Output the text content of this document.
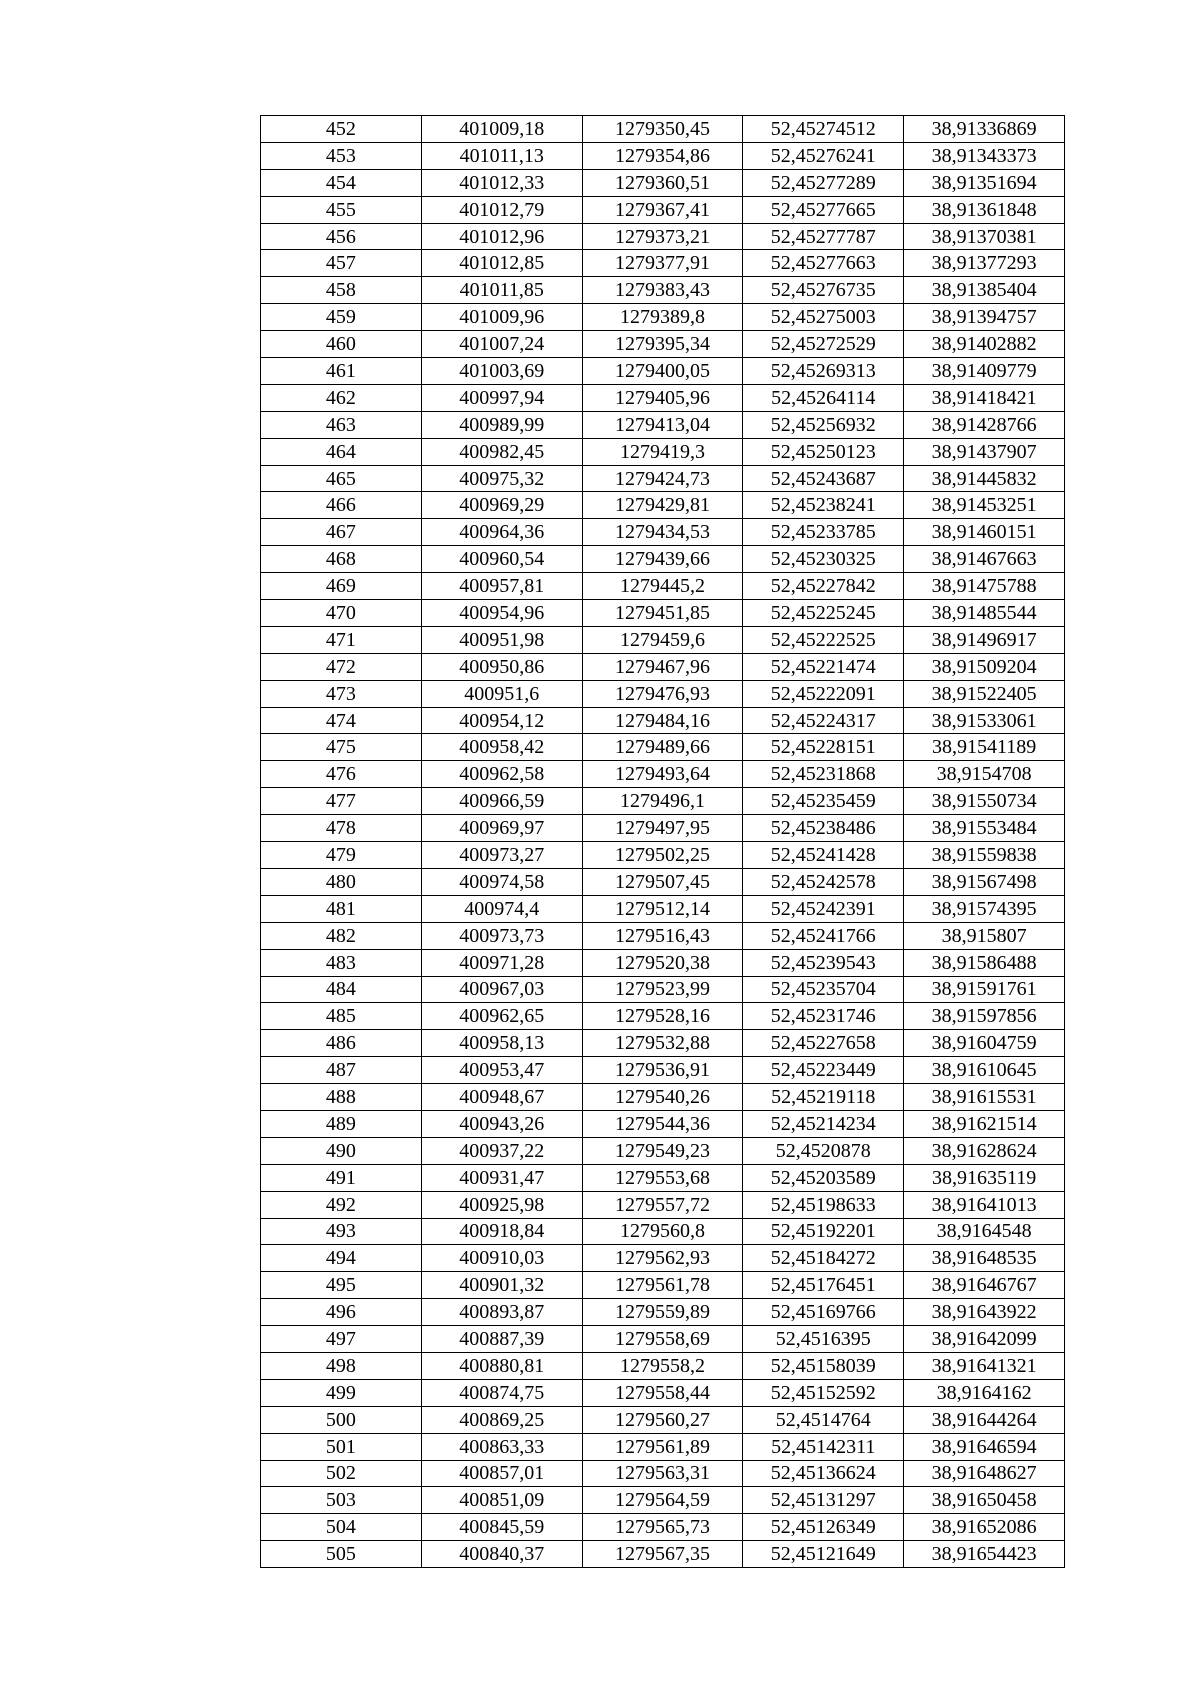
452	401009,18	1279350,45	52,45274512	38,91336869
453	401011,13	1279354,86	52,45276241	38,91343373
454	401012,33	1279360,51	52,45277289	38,91351694
455	401012,79	1279367,41	52,45277665	38,91361848
456	401012,96	1279373,21	52,45277787	38,91370381
457	401012,85	1279377,91	52,45277663	38,91377293
458	401011,85	1279383,43	52,45276735	38,91385404
459	401009,96	1279389,8	52,45275003	38,91394757
460	401007,24	1279395,34	52,45272529	38,91402882
461	401003,69	1279400,05	52,45269313	38,91409779
462	400997,94	1279405,96	52,45264114	38,91418421
463	400989,99	1279413,04	52,45256932	38,91428766
464	400982,45	1279419,3	52,45250123	38,91437907
465	400975,32	1279424,73	52,45243687	38,91445832
466	400969,29	1279429,81	52,45238241	38,91453251
467	400964,36	1279434,53	52,45233785	38,91460151
468	400960,54	1279439,66	52,45230325	38,91467663
469	400957,81	1279445,2	52,45227842	38,91475788
470	400954,96	1279451,85	52,45225245	38,91485544
471	400951,98	1279459,6	52,45222525	38,91496917
472	400950,86	1279467,96	52,45221474	38,91509204
473	400951,6	1279476,93	52,45222091	38,91522405
474	400954,12	1279484,16	52,45224317	38,91533061
475	400958,42	1279489,66	52,45228151	38,91541189
476	400962,58	1279493,64	52,45231868	38,9154708
477	400966,59	1279496,1	52,45235459	38,91550734
478	400969,97	1279497,95	52,45238486	38,91553484
479	400973,27	1279502,25	52,45241428	38,91559838
480	400974,58	1279507,45	52,45242578	38,91567498
481	400974,4	1279512,14	52,45242391	38,91574395
482	400973,73	1279516,43	52,45241766	38,915807
483	400971,28	1279520,38	52,45239543	38,91586488
484	400967,03	1279523,99	52,45235704	38,91591761
485	400962,65	1279528,16	52,45231746	38,91597856
486	400958,13	1279532,88	52,45227658	38,91604759
487	400953,47	1279536,91	52,45223449	38,91610645
488	400948,67	1279540,26	52,45219118	38,91615531
489	400943,26	1279544,36	52,45214234	38,91621514
490	400937,22	1279549,23	52,4520878	38,91628624
491	400931,47	1279553,68	52,45203589	38,91635119
492	400925,98	1279557,72	52,45198633	38,91641013
493	400918,84	1279560,8	52,45192201	38,9164548
494	400910,03	1279562,93	52,45184272	38,91648535
495	400901,32	1279561,78	52,45176451	38,91646767
496	400893,87	1279559,89	52,45169766	38,91643922
497	400887,39	1279558,69	52,4516395	38,91642099
498	400880,81	1279558,2	52,45158039	38,91641321
499	400874,75	1279558,44	52,45152592	38,9164162
500	400869,25	1279560,27	52,4514764	38,91644264
501	400863,33	1279561,89	52,45142311	38,91646594
502	400857,01	1279563,31	52,45136624	38,91648627
503	400851,09	1279564,59	52,45131297	38,91650458
504	400845,59	1279565,73	52,45126349	38,91652086
505	400840,37	1279567,35	52,45121649	38,91654423
